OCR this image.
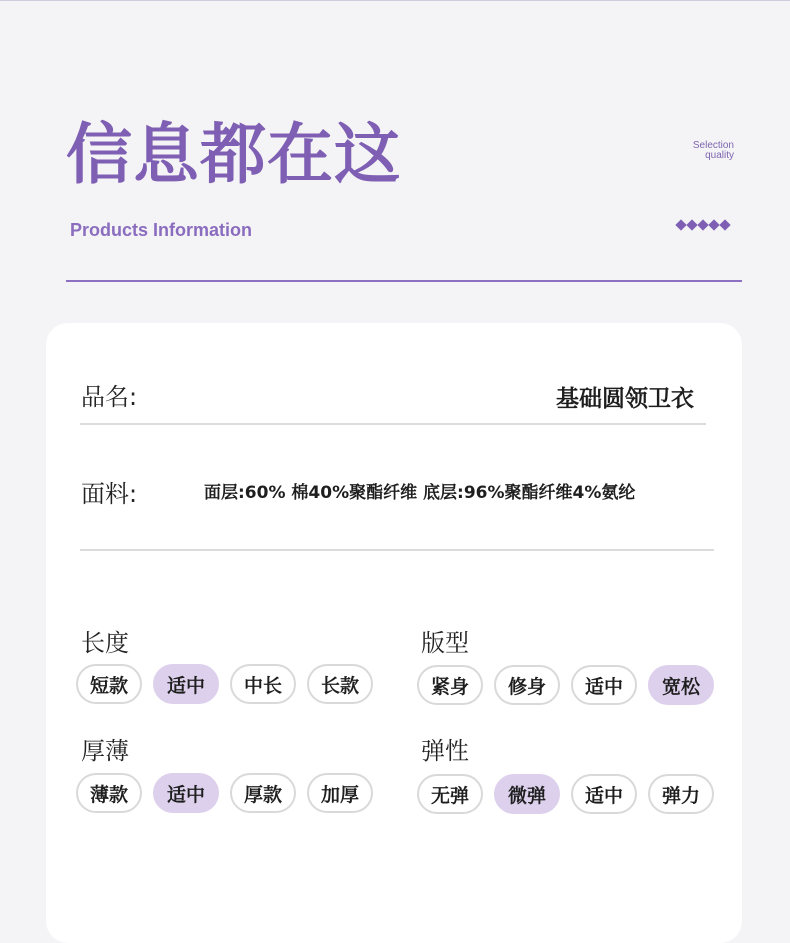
信息都在这
Products Information
Selection
quality
品名:	基础圆领卫衣
面料:	面层:60% 棉40%聚酯纤维 底层:96%聚酯纤维4%氨纶
长度
短款	适中	中长	长款
版型
紧身	修身	适中	宽松
厚薄
薄款	适中	厚款	加厚
弹性
无弹	微弹	适中	弹力
